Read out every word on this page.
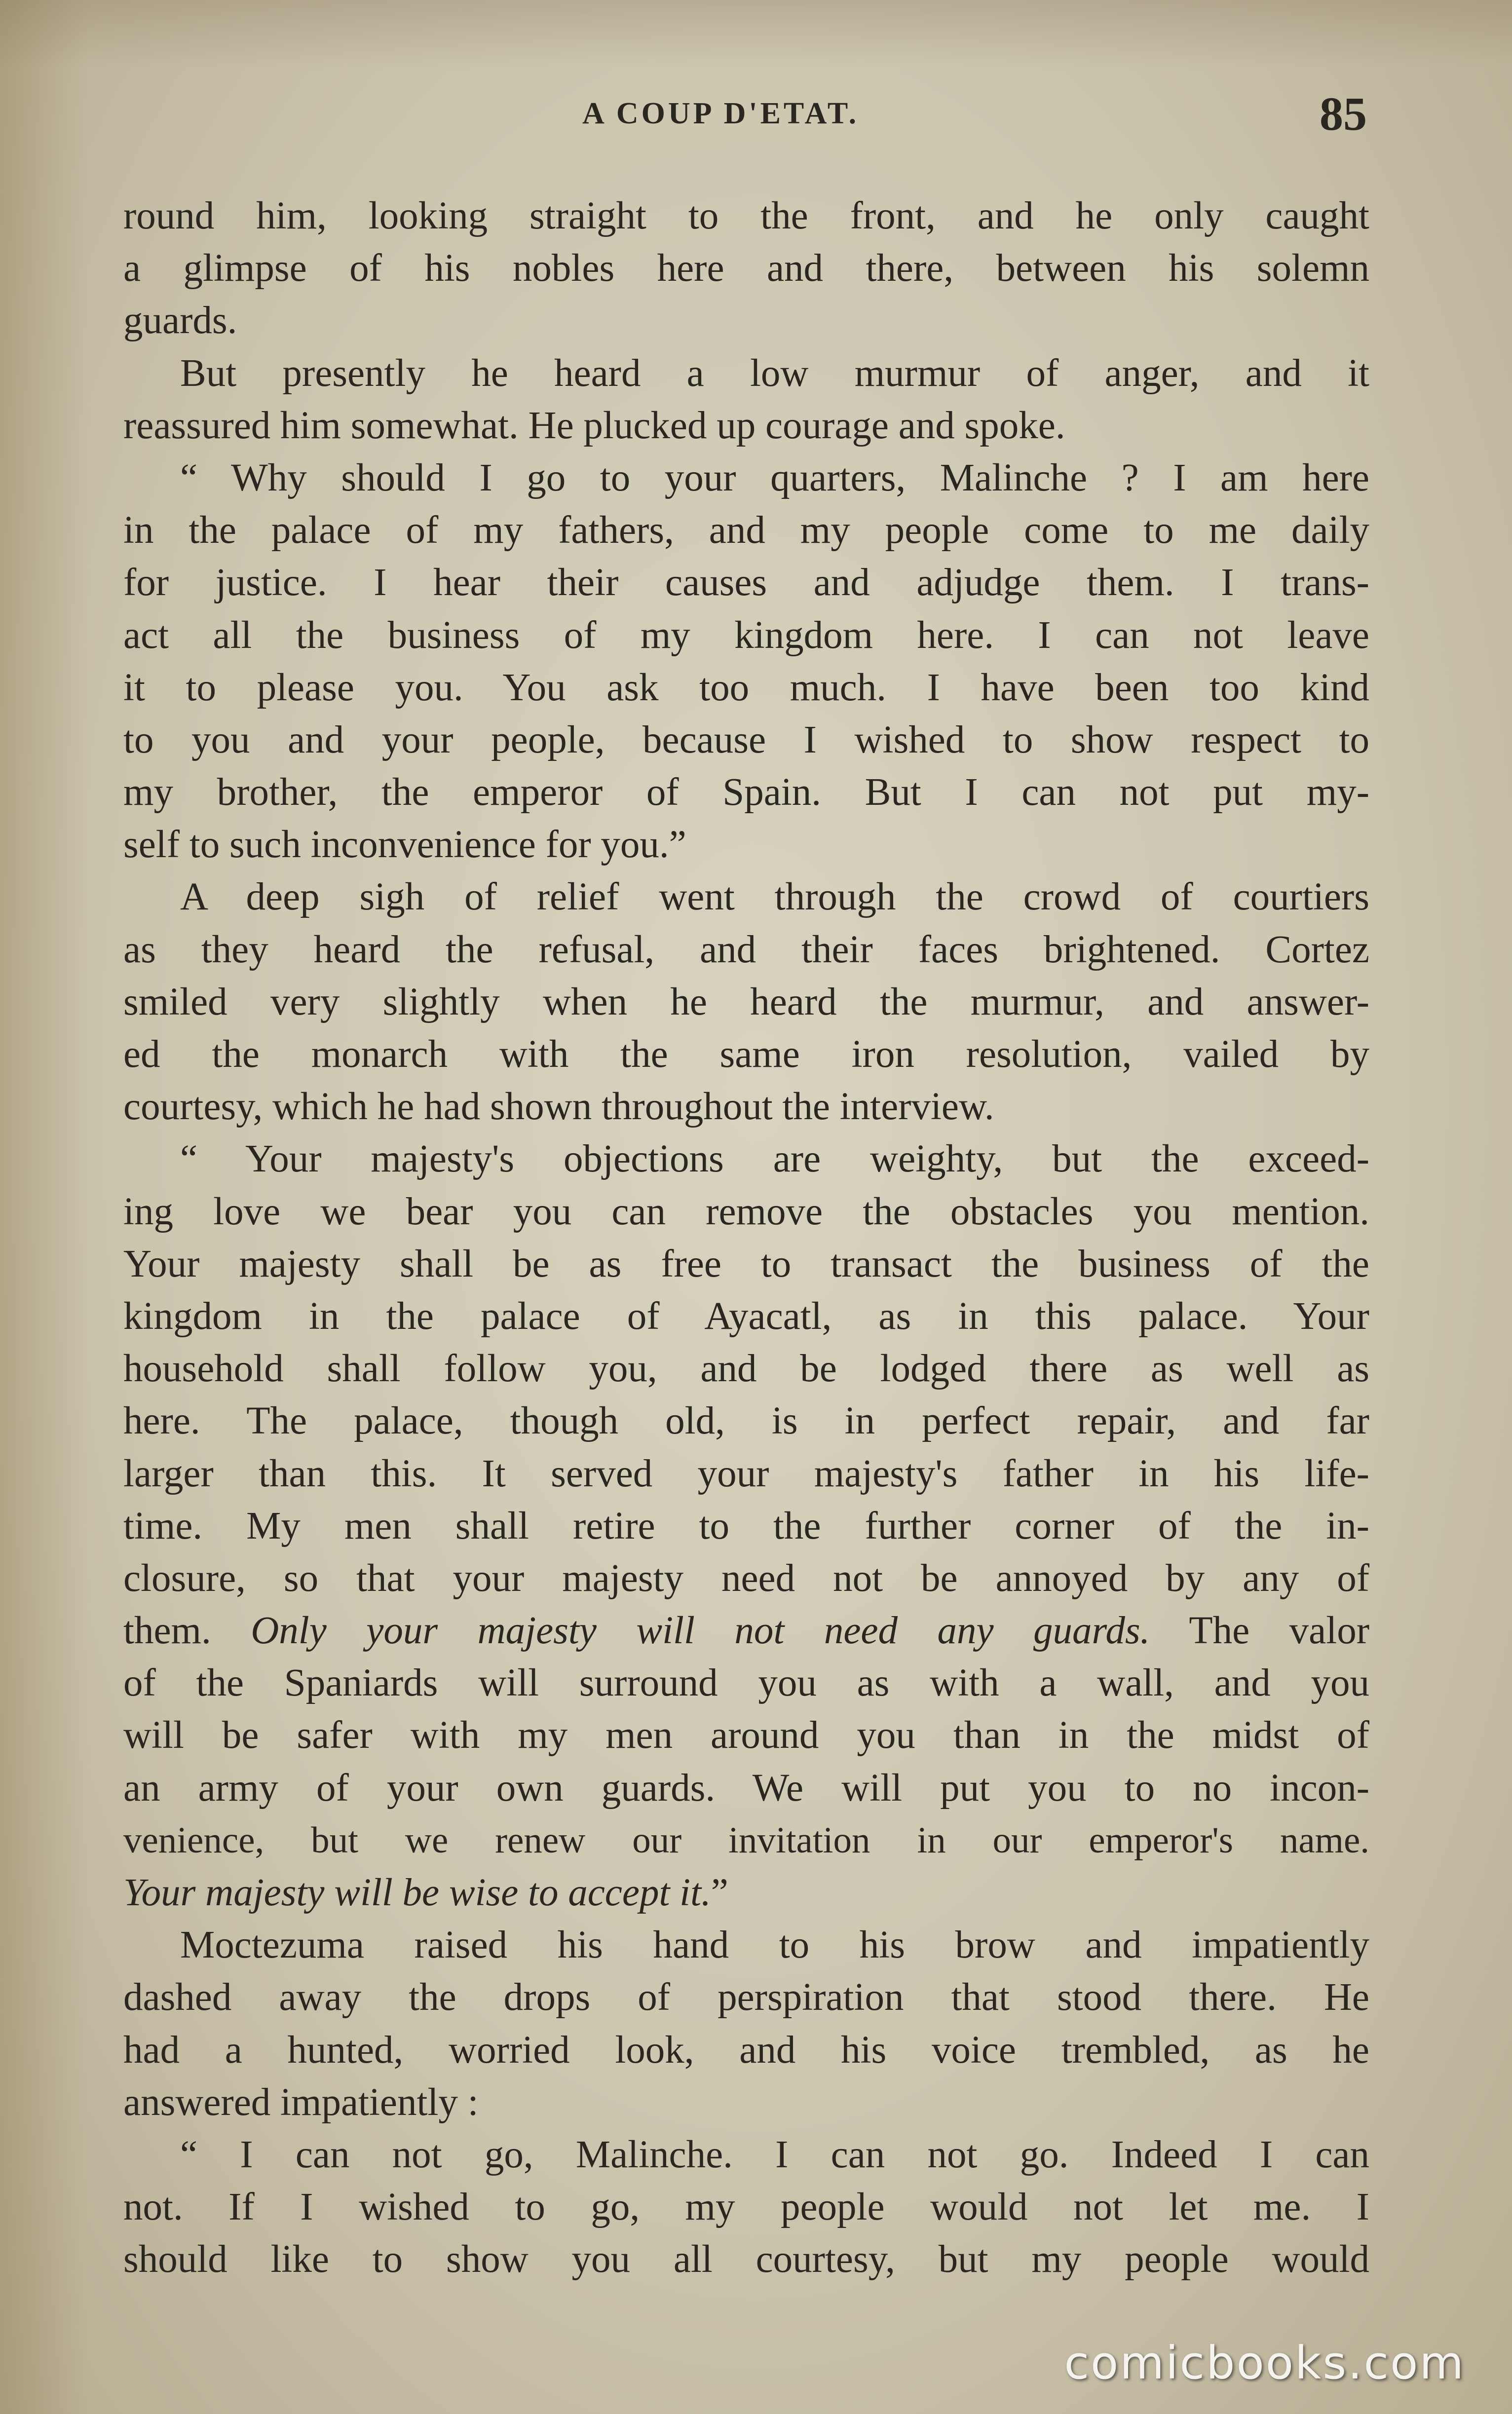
A COUP D'ETAT.	85
round him, looking straight to the front, and he only caught
a glimpse of his nobles here and there, between his solemn
guards.
But presently he heard a low murmur of anger, and it
reassured him somewhat. He plucked up courage and spoke.
“ Why should I go to your quarters, Malinche ? I am here
in the palace of my fathers, and my people come to me daily
for justice. I hear their causes and adjudge them. I trans-
act all the business of my kingdom here. I can not leave
it to please you. You ask too much. I have been too kind
to you and your people, because I wished to show respect to
my brother, the emperor of Spain. But I can not put my-
self to such inconvenience for you.”
A deep sigh of relief went through the crowd of courtiers
as they heard the refusal, and their faces brightened. Cortez
smiled very slightly when he heard the murmur, and answer-
ed the monarch with the same iron resolution, vailed by
courtesy, which he had shown throughout the interview.
“ Your majesty's objections are weighty, but the exceed-
ing love we bear you can remove the obstacles you mention.
Your majesty shall be as free to transact the business of the
kingdom in the palace of Ayacatl, as in this palace. Your
household shall follow you, and be lodged there as well as
here. The palace, though old, is in perfect repair, and far
larger than this. It served your majesty's father in his life-
time. My men shall retire to the further corner of the in-
closure, so that your majesty need not be annoyed by any of
them. Only your majesty will not need any guards. The valor
of the Spaniards will surround you as with a wall, and you
will be safer with my men around you than in the midst of
an army of your own guards. We will put you to no incon-
venience, but we renew our invitation in our emperor's name.
Your majesty will be wise to accept it.”
Moctezuma raised his hand to his brow and impatiently
dashed away the drops of perspiration that stood there. He
had a hunted, worried look, and his voice trembled, as he
answered impatiently :
“ I can not go, Malinche. I can not go. Indeed I can
not. If I wished to go, my people would not let me. I
should like to show you all courtesy, but my people would
comicbooks.com
